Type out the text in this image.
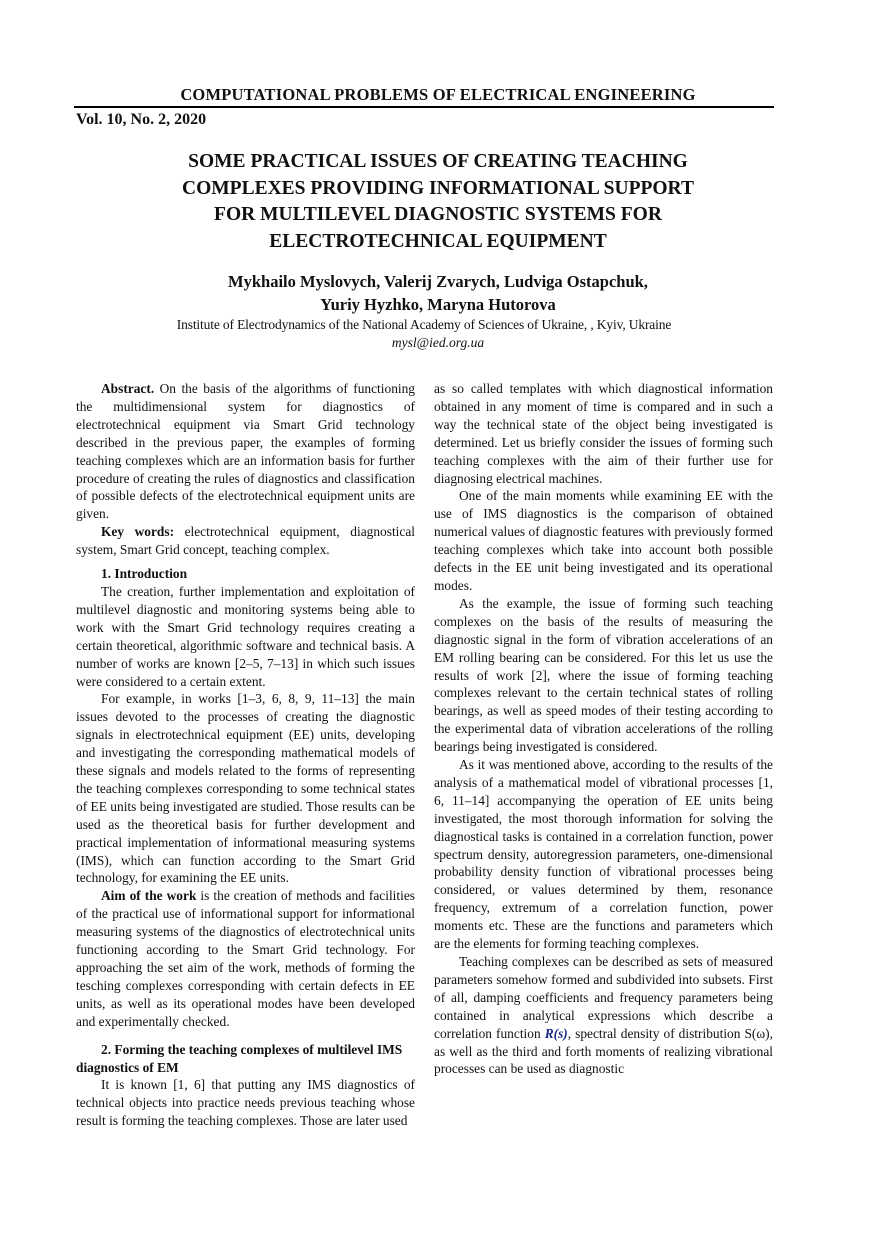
COMPUTATIONAL PROBLEMS OF ELECTRICAL ENGINEERING
Vol. 10, No. 2, 2020
SOME PRACTICAL ISSUES OF CREATING TEACHING
COMPLEXES PROVIDING INFORMATIONAL SUPPORT
FOR MULTILEVEL DIAGNOSTIC SYSTEMS FOR
ELECTROTECHNICAL EQUIPMENT
Mykhailo Myslovych, Valerij Zvarych, Ludviga Ostapchuk,
Yuriy Hyzhko, Maryna Hutorova
Institute of Electrodynamics of the National Academy of Sciences of Ukraine, , Kyiv, Ukraine
mysl@ied.org.ua

Abstract. On the basis of the algorithms of functioning the multidimensional system for diagnostics of electrotechnical equipment via Smart Grid technology described in the previous paper, the examples of forming teaching complexes which are an information basis for further procedure of creating the rules of diagnostics and classification of possible defects of the electrotechnical equipment units are given.

Key words: electrotechnical equipment, diagnostical system, Smart Grid concept, teaching complex.

1. Introduction

The creation, further implementation and exploitation of multilevel diagnostic and monitoring systems being able to work with the Smart Grid technology requires creating a certain theoretical, algorithmic software and technical basis. A number of works are known [2–5, 7–13] in which such issues were considered to a certain extent.

For example, in works [1–3, 6, 8, 9, 11–13] the main issues devoted to the processes of creating the diagnostic signals in electrotechnical equipment (EE) units, developing and investigating the corresponding mathematical models of these signals and models related to the forms of representing the teaching complexes corresponding to some technical states of EE units being investigated are studied. Those results can be used as the theoretical basis for further development and practical implementation of informational measuring systems (IMS), which can function according to the Smart Grid technology, for examining the EE units.

Aim of the work is the creation of methods and facilities of the practical use of informational support for informational measuring systems of the diagnostics of electrotechnical units functioning according to the Smart Grid technology. For approaching the set aim of the work, methods of forming the tesching complexes corresponding with certain defects in EE units, as well as its operational modes have been developed and experimentally checked.

2. Forming the teaching complexes of multilevel IMS diagnostics of EM

It is known [1, 6] that putting any IMS diagnostics of technical objects into practice needs previous teaching whose result is forming the teaching complexes. Those are later used

as so called templates with which diagnostical information obtained in any moment of time is compared and in such a way the technical state of the object being investigated is determined. Let us briefly consider the issues of forming such teaching complexes with the aim of their further use for diagnosing electrical machines.

One of the main moments while examining EE with the use of IMS diagnostics is the comparison of obtained numerical values of diagnostic features with previously formed teaching complexes which take into account both possible defects in the EE unit being investigated and its operational modes.

As the example, the issue of forming such teaching complexes on the basis of the results of measuring the diagnostic signal in the form of vibration accelerations of an EM rolling bearing can be considered. For this let us use the results of work [2], where the issue of forming teaching complexes relevant to the certain technical states of rolling bearings, as well as speed modes of their testing according to the experimental data of vibration accelerations of the rolling bearings being investigated is considered.

As it was mentioned above, according to the results of the analysis of a mathematical model of vibrational processes [1, 6, 11–14] accompanying the operation of EE units being investigated, the most thorough information for solving the diagnostical tasks is contained in a correlation function, power spectrum density, autoregression parameters, one-dimensional probability density function of vibrational processes being considered, or values determined by them, resonance frequency, extremum of a correlation function, power moments etc. These are the functions and parameters which are the elements for forming teaching complexes.

Teaching complexes can be described as sets of measured parameters somehow formed and subdivided into subsets. First of all, damping coefficients and frequency parameters being contained in analytical expressions which describe a correlation function R(s), spectral density of distribution S(ω), as well as the third and forth moments of realizing vibrational processes can be used as diagnostic
